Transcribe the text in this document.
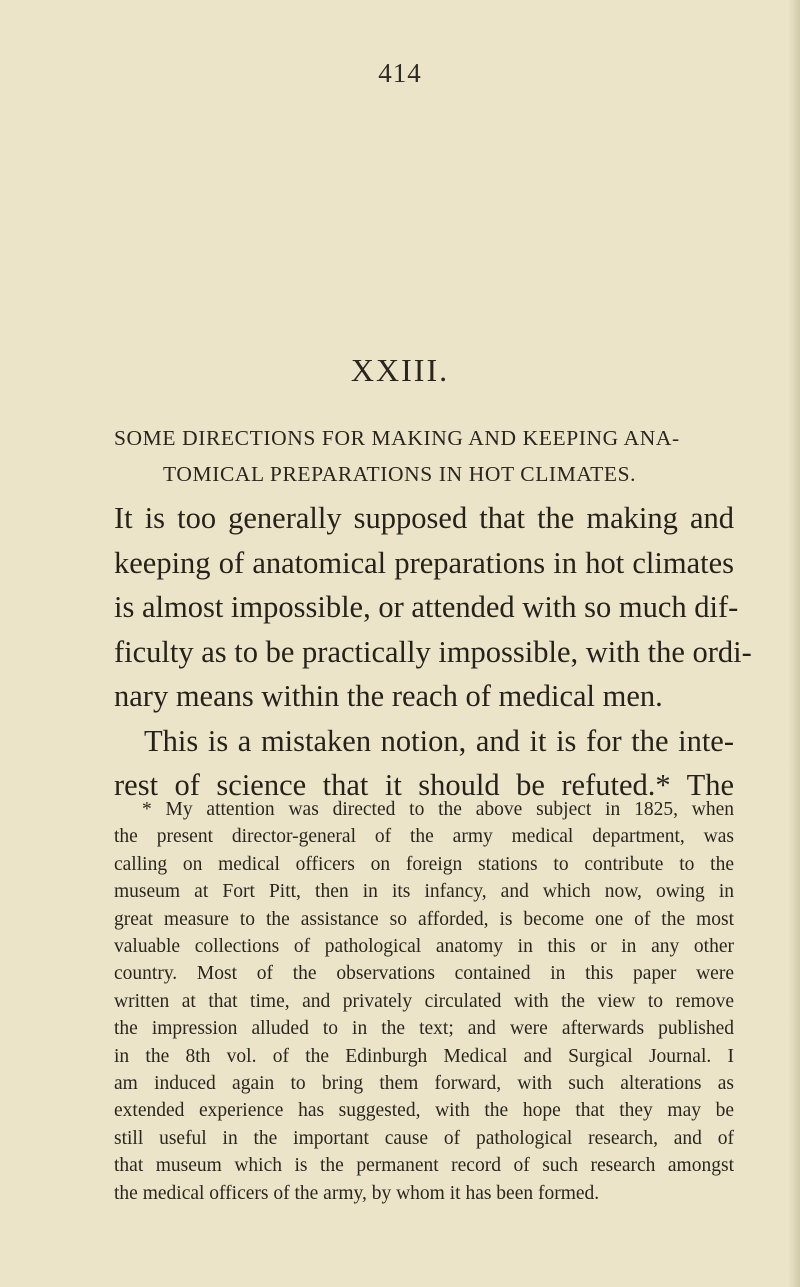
414
XXIII.
SOME DIRECTIONS FOR MAKING AND KEEPING ANA-
TOMICAL PREPARATIONS IN HOT CLIMATES.
It is too generally supposed that the making and
keeping of anatomical preparations in hot climates
is almost impossible, or attended with so much dif-
ficulty as to be practically impossible, with the ordi-
nary means within the reach of medical men.
This is a mistaken notion, and it is for the inte-
rest of science that it should be refuted.* The
* My attention was directed to the above subject in 1825, when
the present director-general of the army medical department, was
calling on medical officers on foreign stations to contribute to the
museum at Fort Pitt, then in its infancy, and which now, owing in
great measure to the assistance so afforded, is become one of the most
valuable collections of pathological anatomy in this or in any other
country. Most of the observations contained in this paper were
written at that time, and privately circulated with the view to remove
the impression alluded to in the text; and were afterwards published
in the 8th vol. of the Edinburgh Medical and Surgical Journal. I
am induced again to bring them forward, with such alterations as
extended experience has suggested, with the hope that they may be
still useful in the important cause of pathological research, and of
that museum which is the permanent record of such research amongst
the medical officers of the army, by whom it has been formed.
